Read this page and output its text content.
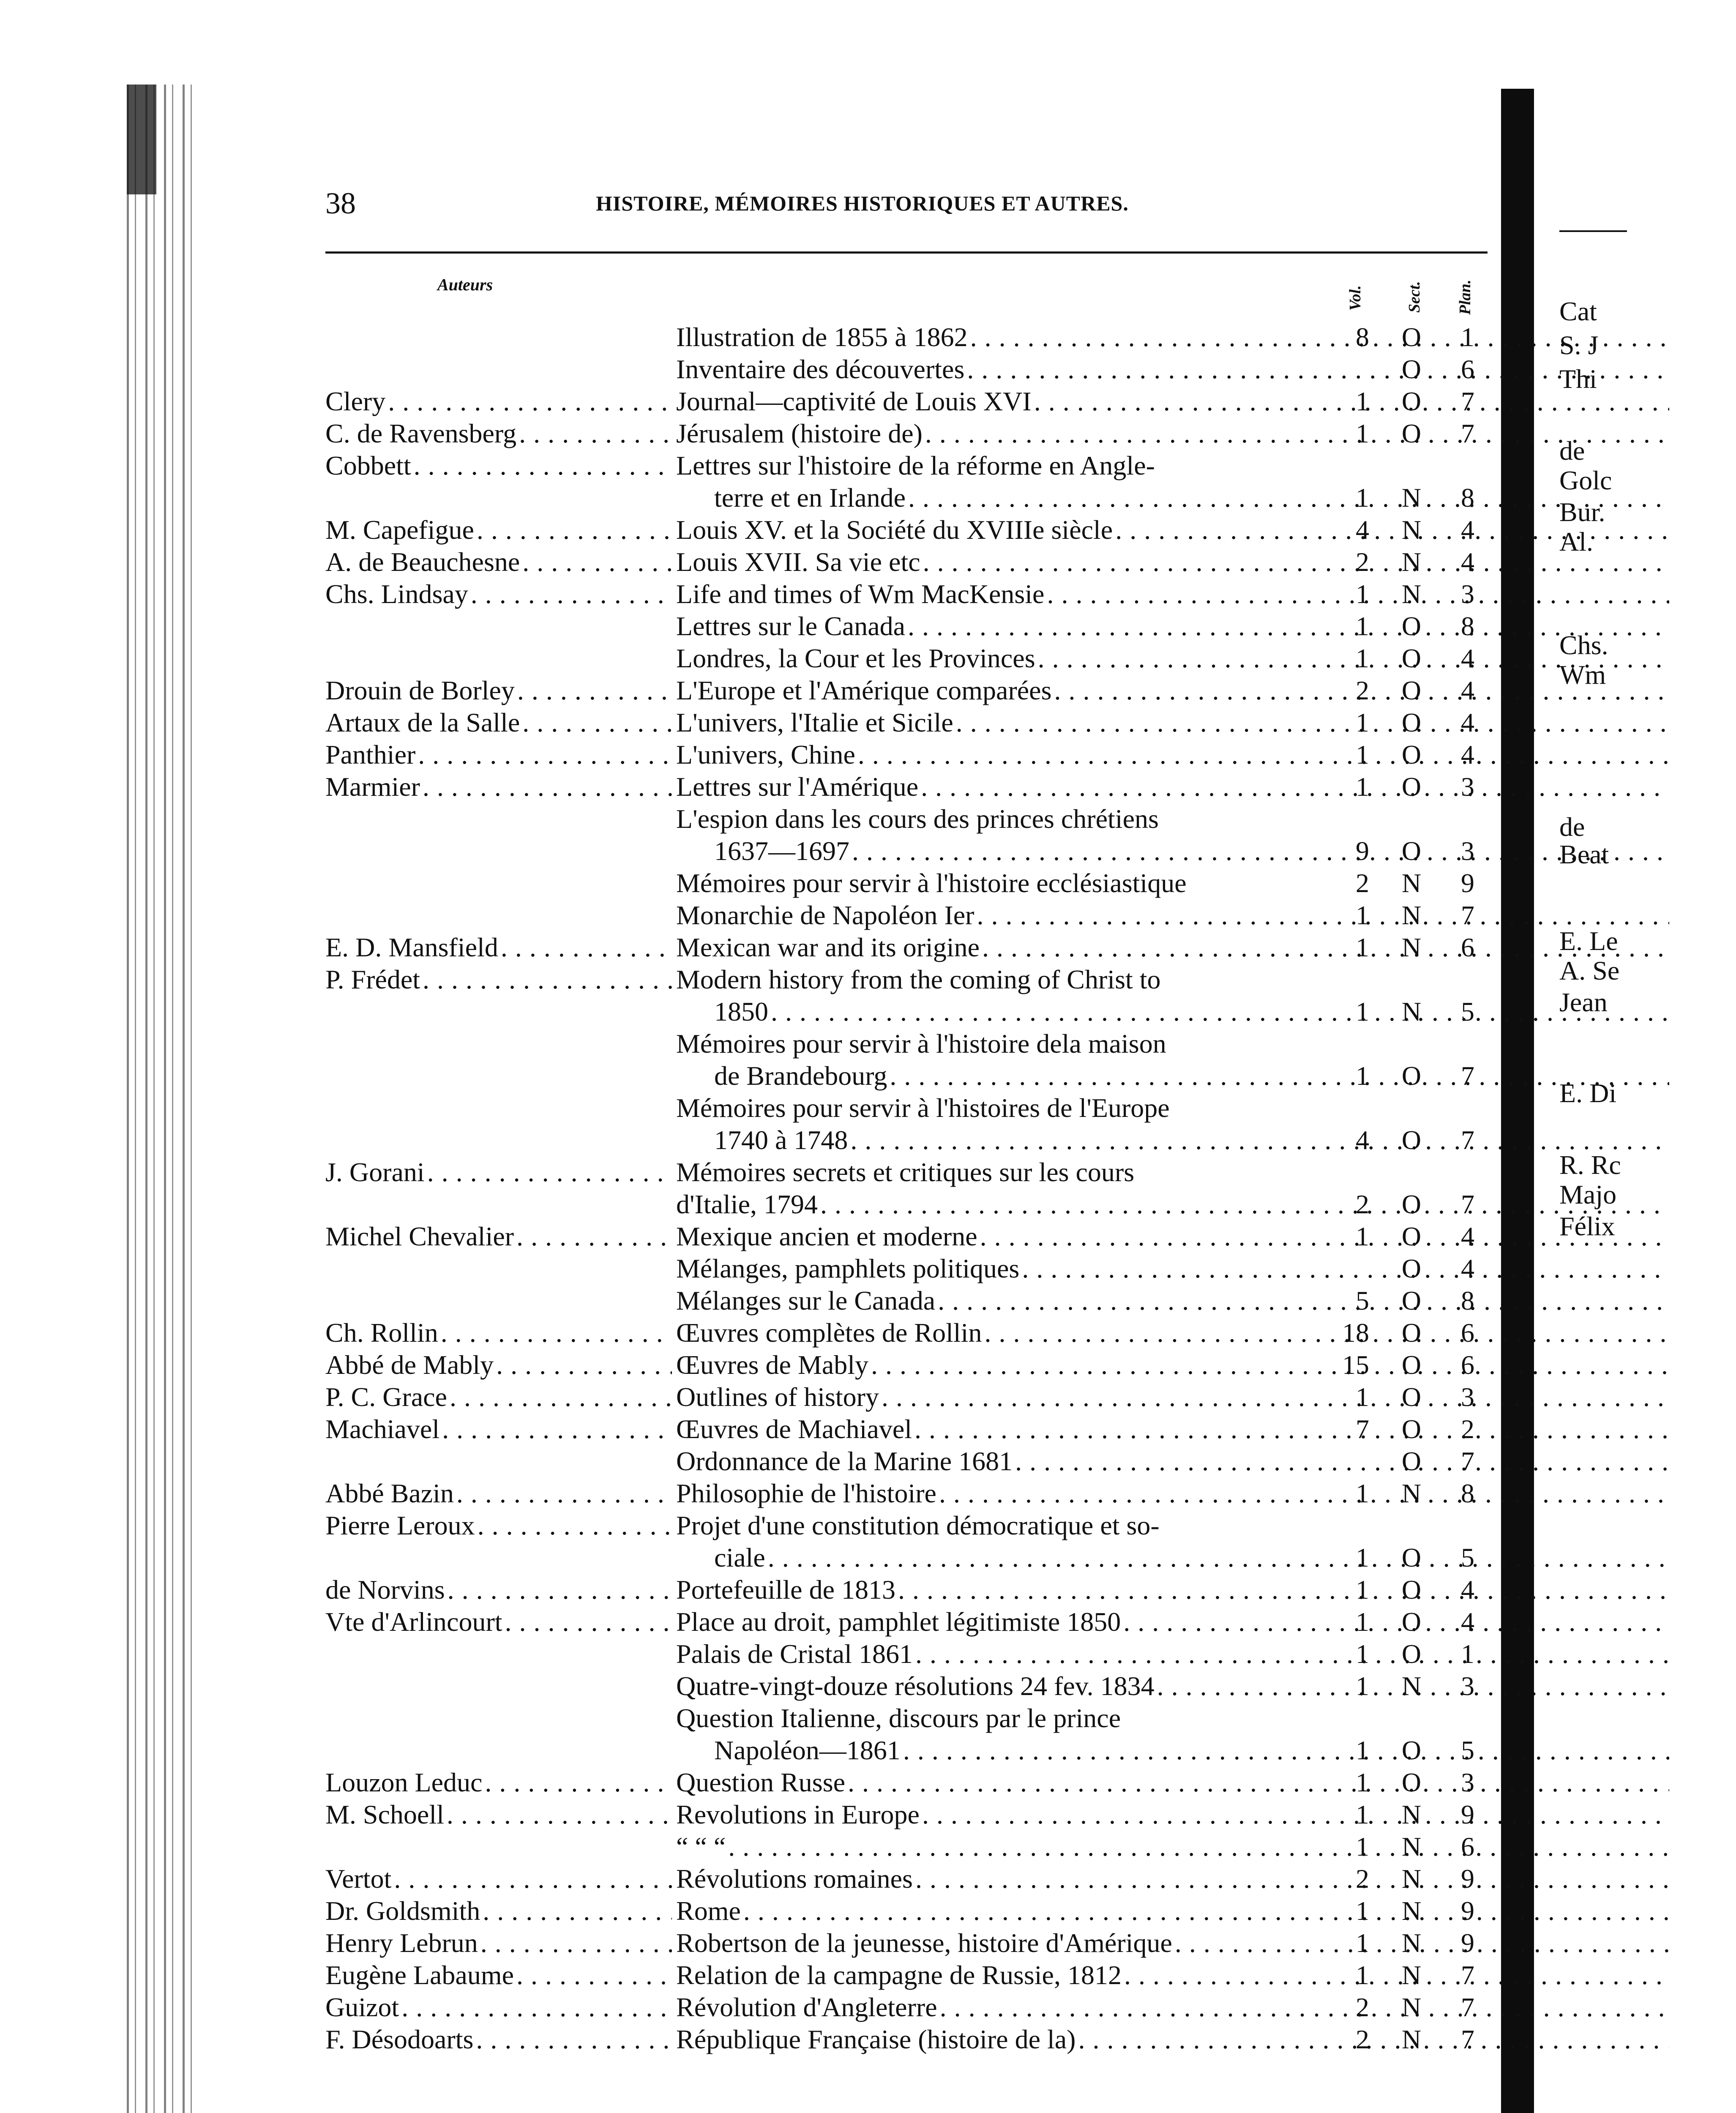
38	HISTOIRE, MÉMOIRES HISTORIQUES ET AUTRES.
Auteurs
Vol.	Sect. Plan.
Illustration de 1855 à 1862 . . .	8 O 1
Inventaire des découvertes . . .	O 6
Clery . . .	Journal—captivité de Louis XVI . . .	1 O 7
C. de Ravensberg . . .	Jérusalem (histoire de) . . .	1 O 7
Cobbett . . .	Lettres sur l'histoire de la réforme en Angle-
terre et en Irlande . . .	1 N 8
M. Capefigue . . .	Louis XV. et la Société du XVIIIe siècle . . .	4 N 4
A. de Beauchesne . . .	Louis XVII. Sa vie etc . . .	2 N 4
Chs. Lindsay . . .	Life and times of Wm MacKensie . . .	1 N 3
Lettres sur le Canada . . .	1 O 8
Londres, la Cour et les Provinces . . .	1 O 4
Drouin de Borley . . .	L'Europe et l'Amérique comparées . . .	2 O 4
Artaux de la Salle . . .	L'univers, l'Italie et Sicile . . .	1 O 4
Panthier . . .	L'univers, Chine . . .	1 O 4
Marmier . . .	Lettres sur l'Amérique . . .	1 O 3
L'espion dans les cours des princes chrétiens
1637—1697 . . .	9 O 3
Mémoires pour servir à l'histoire ecclésiastique	2 N 9
Monarchie de Napoléon Ier . . .	1 N 7
E. D. Mansfield . . .	Mexican war and its origine . . .	1 N 6
P. Frédet . . .	Modern history from the coming of Christ to
1850 . . .	1 N 5
Mémoires pour servir à l'histoire dela maison
de Brandebourg . . .	1 O 7
Mémoires pour servir à l'histoires de l'Europe
1740 à 1748 . . .	4 O 7
J. Gorani . . .	Mémoires secrets et critiques sur les cours
d'Italie, 1794 . . .	2 O 7
Michel Chevalier . . .	Mexique ancien et moderne . . .	1 O 4
Mélanges, pamphlets politiques . . .	O 4
Mélanges sur le Canada . . .	5 O 8
Ch. Rollin . . .	Œuvres complètes de Rollin . . .	18 O 6
Abbé de Mably . . .	Œuvres de Mably . . .	15 O 6
P. C. Grace . . .	Outlines of history . . .	1 O 3
Machiavel . . .	Œuvres de Machiavel . . .	7 O 2
Ordonnance de la Marine 1681 . . .	O 7
Abbé Bazin . . .	Philosophie de l'histoire . . .	1 N 8
Pierre Leroux . . .	Projet d'une constitution démocratique et so-
ciale . . .	1 O 5
de Norvins . . .	Portefeuille de 1813 . . .	1 O 4
Vte d'Arlincourt . . .	Place au droit, pamphlet légitimiste 1850 . . .	1 O 4
Palais de Cristal 1861 . . .	1 O 1
Quatre-vingt-douze résolutions 24 fev. 1834 . . .	1 N 3
Question Italienne, discours par le prince
Napoléon—1861 . . .	1 O 5
Louzon Leduc . . .	Question Russe . . .	1 O 3
M. Schoell . . .	Revolutions in Europe . . .	1 N 9
“ “ “ . . .	1 N 6
Vertot . . .	Révolutions romaines . . .	2 N 9
Dr. Goldsmith . . .	Rome . . .	1 N 9
Henry Lebrun . . .	Robertson de la jeunesse, histoire d'Amérique . . .	1 N 9
Eugène Labaume . . .	Relation de la campagne de Russie, 1812 . . .	1 N 7
Guizot . . .	Révolution d'Angleterre . . .	2 N 7
F. Désodoarts . . .	République Française (histoire de la) . . .	2 N 7
Cat
S. J
Thi
de
Golc
Bur.
Al.
Chs.
Wm
de
Beat
E. Le
A. Se
Jean
E. Di
R. Rc
Majo
Félix
